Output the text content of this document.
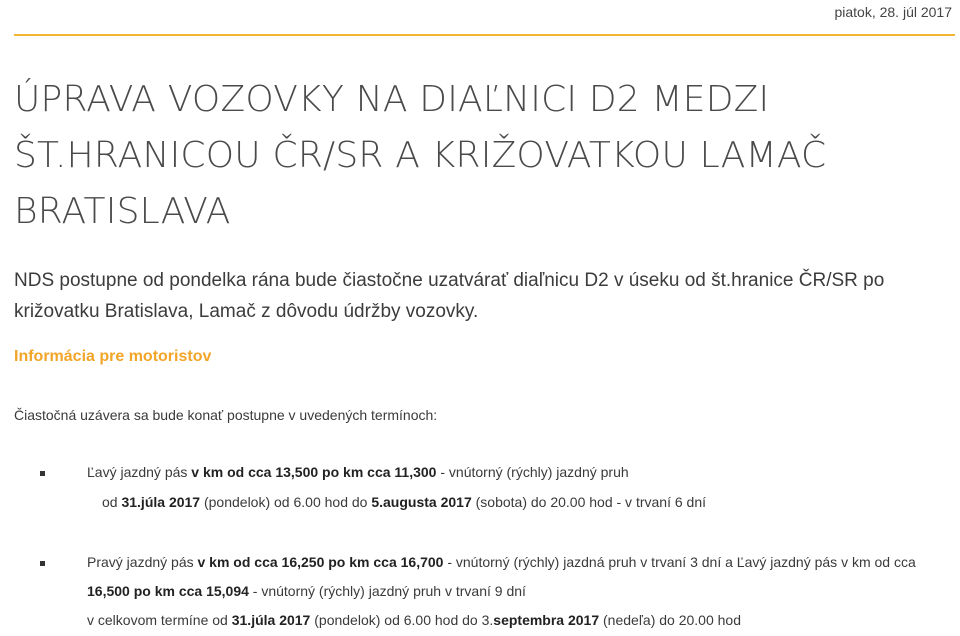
piatok, 28. júl 2017
ÚPRAVA VOZOVKY NA DIAĽNICI D2 MEDZI ŠT.HRANICOU ČR/SR A KRIŽOVATKOU LAMAČ BRATISLAVA

NDS postupne od pondelka rána bude čiastočne uzatvárať diaľnicu D2 v úseku od št.hranice ČR/SR po križovatku Bratislava, Lamač z dôvodu údržby vozovky.

Informácia pre motoristov

Čiastočná uzávera sa bude konať postupne v uvedených termínoch:

Ľavý jazdný pás v km od cca 13,500 po km cca 11,300 - vnútorný (rýchly) jazdný pruh
od 31.júla 2017 (pondelok) od 6.00 hod do 5.augusta 2017 (sobota) do 20.00 hod - v trvaní 6 dní
Pravý jazdný pás v km od cca 16,250 po km cca 16,700 - vnútorný (rýchly) jazdná pruh v trvaní 3 dní a Ľavý jazdný pás v km od cca
16,500 po km cca 15,094 - vnútorný (rýchly) jazdný pruh v trvaní 9 dní
v celkovom termíne od 31.júla 2017 (pondelok) od 6.00 hod do 3.septembra 2017 (nedeľa) do 20.00 hod
